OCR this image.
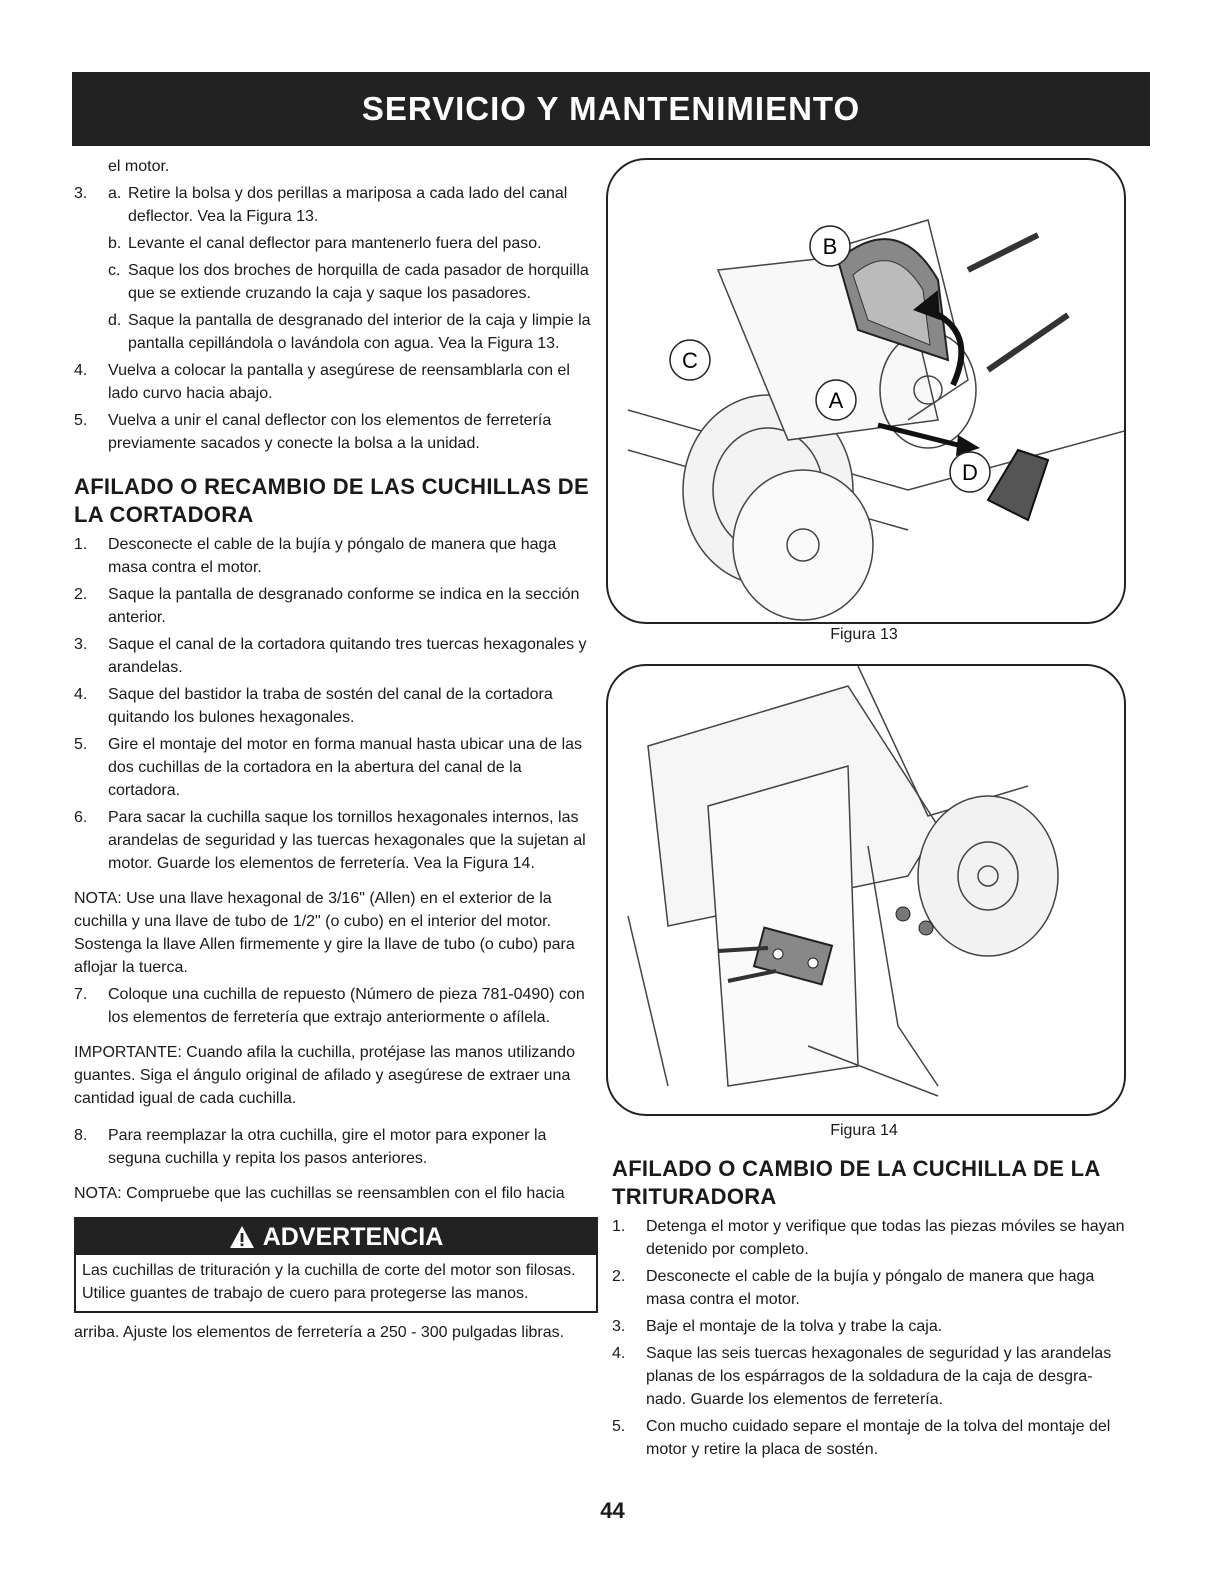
SERVICIO Y MANTENIMIENTO
el motor.
3.	a. Retire la bolsa y dos perillas a mariposa a cada lado del canal deflector. Vea la Figura 13.
b. Levante el canal deflector para mantenerlo fuera del paso.
c. Saque los dos broches de horquilla de cada pasador de horquilla que se extiende cruzando la caja y saque los pasadores.
d. Saque la pantalla de desgranado del interior de la caja y limpie la pantalla cepillándola o lavándola con agua. Vea la Figura 13.
4.	Vuelva a colocar la pantalla y asegúrese de reensamblarla con el lado curvo hacia abajo.
5.	Vuelva a unir el canal deflector con los elementos de ferretería previamente sacados y conecte la bolsa a la unidad.
AFILADO O RECAMBIO DE LAS CUCHILLAS DE LA CORTADORA
1.	Desconecte el cable de la bujía y póngalo de manera que haga masa contra el motor.
2.	Saque la pantalla de desgranado conforme se indica en la sección anterior.
3.	Saque el canal de la cortadora quitando tres tuercas hexagonales y arandelas.
4.	Saque del bastidor la traba de sostén del canal de la cortadora quitando los bulones hexagonales.
5.	Gire el montaje del motor en forma manual hasta ubicar una de las dos cuchillas de la cortadora en la abertura del canal de la cortadora.
6.	Para sacar la cuchilla saque los tornillos hexagonales internos, las arandelas de seguridad y las tuercas hexagonales que la sujetan al motor. Guarde los elementos de ferretería. Vea la Figura 14.
NOTA: Use una llave hexagonal de 3/16" (Allen) en el exterior de la cuchilla y una llave de tubo de 1/2" (o cubo) en el interior del motor. Sostenga la llave Allen firmemente y gire la llave de tubo (o cubo) para aflojar la tuerca.
7.	Coloque una cuchilla de repuesto (Número de pieza 781-0490) con los elementos de ferretería que extrajo anteriormente o afílela.
IMPORTANTE: Cuando afila la cuchilla, protéjase las manos utilizando guantes. Siga el ángulo original de afilado y asegúrese de extraer una cantidad igual de cada cuchilla.
8.	Para reemplazar la otra cuchilla, gire el motor para exponer la seguna cuchilla y repita los pasos anteriores.
NOTA: Compruebe que las cuchillas se reensamblen con el filo hacia
ADVERTENCIA
Las cuchillas de trituración y la cuchilla de corte del motor son filosas. Utilice guantes de trabajo de cuero para protegerse las manos.
arriba. Ajuste los elementos de ferretería a 250 - 300 pulgadas libras.
B
C
A
D
Figura 13
Figura 14
AFILADO O CAMBIO DE LA CUCHILLA DE LA TRITURADORA
1.	Detenga el motor y verifique que todas las piezas móviles se hayan detenido por completo.
2.	Desconecte el cable de la bujía y póngalo de manera que haga masa contra el motor.
3.	Baje el montaje de la tolva y trabe la caja.
4.	Saque las seis tuercas hexagonales de seguridad y las arandelas planas de los espárragos de la soldadura de la caja de desgra-nado. Guarde los elementos de ferretería.
5.	Con mucho cuidado separe el montaje de la tolva del montaje del motor y retire la placa de sostén.
44
